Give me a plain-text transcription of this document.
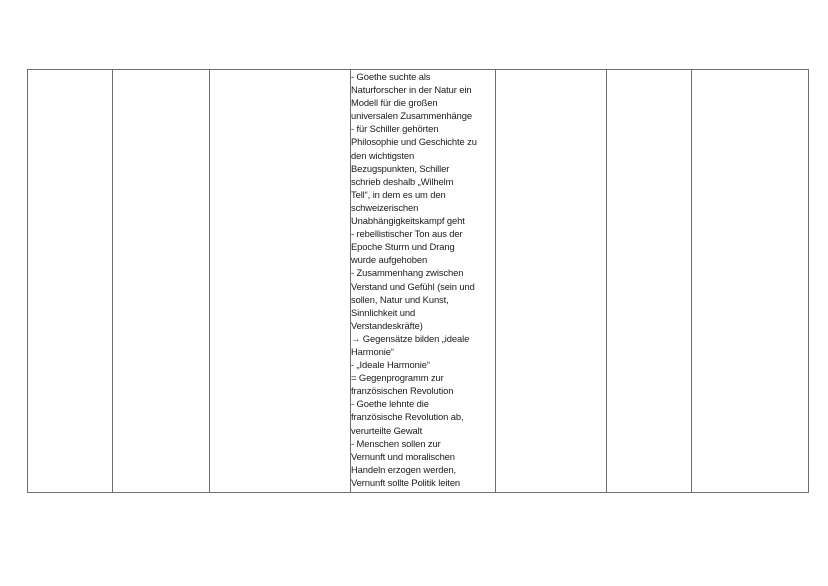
- Goethe suchte als
Naturforscher in der Natur ein
Modell für die großen
universalen Zusammenhänge
- für Schiller gehörten
Philosophie und Geschichte zu
den wichtigsten
Bezugspunkten, Schiller
schrieb deshalb „Wilhelm
Tell“, in dem es um den
schweizerischen
Unabhängigkeitskampf geht
- rebellistischer Ton aus der
Epoche Sturm und Drang
wurde aufgehoben
- Zusammenhang zwischen
Verstand und Gefühl (sein und
sollen, Natur und Kunst,
Sinnlichkeit und
Verstandeskräfte)
→ Gegensätze bilden „ideale
Harmonie“
- „Ideale Harmonie“
= Gegenprogramm zur
französischen Revolution
- Goethe lehnte die
französische Revolution ab,
verurteilte Gewalt
- Menschen sollen zur
Vernunft und moralischen
Handeln erzogen werden,
Vernunft sollte Politik leiten
